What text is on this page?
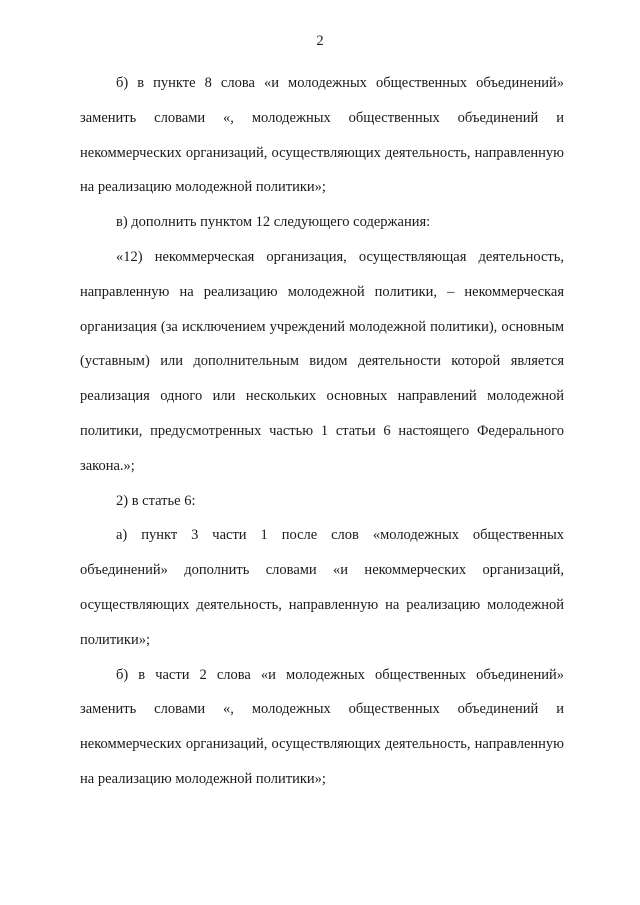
2

б) в пункте 8 слова «и молодежных общественных объединений» заменить словами «, молодежных общественных объединений и некоммерческих организаций, осуществляющих деятельность, направленную на реализацию молодежной политики»;

в) дополнить пунктом 12 следующего содержания:

«12) некоммерческая организация, осуществляющая деятельность, направленную на реализацию молодежной политики, – некоммерческая организация (за исключением учреждений молодежной политики), основным (уставным) или дополнительным видом деятельности которой является реализация одного или нескольких основных направлений молодежной политики, предусмотренных частью 1 статьи 6 настоящего Федерального закона.»;

2) в статье 6:

а) пункт 3 части 1 после слов «молодежных общественных объединений» дополнить словами «и некоммерческих организаций, осуществляющих деятельность, направленную на реализацию молодежной политики»;

б) в части 2 слова «и молодежных общественных объединений» заменить словами «, молодежных общественных объединений и некоммерческих организаций, осуществляющих деятельность, направленную на реализацию молодежной политики»;
